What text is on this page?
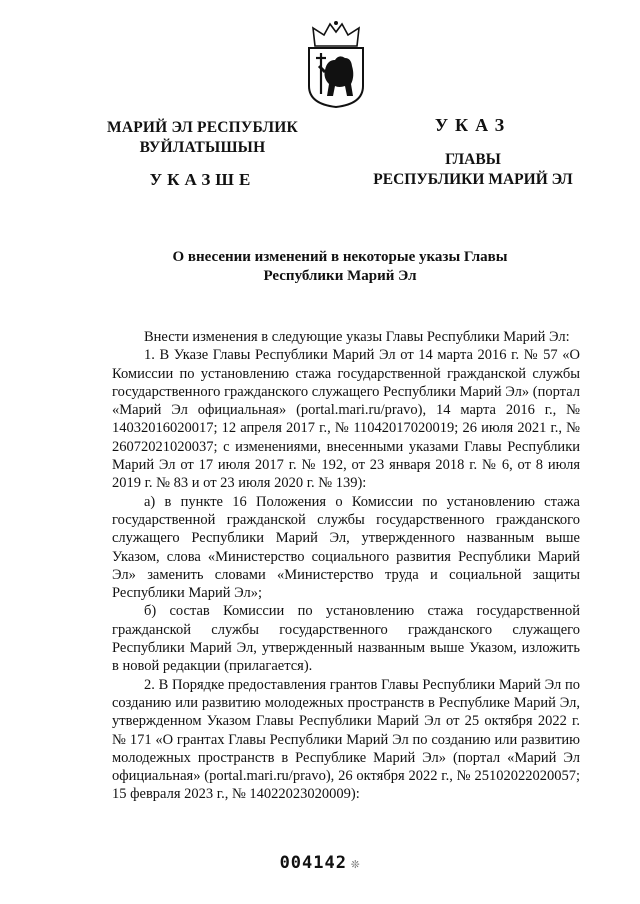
МАРИЙ ЭЛ РЕСПУБЛИК
ВУЙЛАТЫШЫН
УКАЗШЕ
УКАЗ
ГЛАВЫ
РЕСПУБЛИКИ МАРИЙ ЭЛ
О внесении изменений в некоторые указы Главы
Республики Марий Эл

Внести изменения в следующие указы Главы Республики Марий Эл:

1. В Указе Главы Республики Марий Эл от 14 марта 2016 г. № 57 «О Комиссии по установлению стажа государственной гражданской службы государственного гражданского служащего Республики Марий Эл» (портал «Марий Эл официальная» (portal.mari.ru/pravo), 14 марта 2016 г., № 14032016020017; 12 апреля 2017 г., № 11042017020019; 26 июля 2021 г., № 26072021020037; с изменениями, внесенными указами Главы Республики Марий Эл от 17 июля 2017 г. № 192, от 23 января 2018 г. № 6, от 8 июля 2019 г. № 83 и от 23 июля 2020 г. № 139):

а) в пункте 16 Положения о Комиссии по установлению стажа государственной гражданской службы государственного гражданского служащего Республики Марий Эл, утвержденного названным выше Указом, слова «Министерство социального развития Республики Марий Эл» заменить словами «Министерство труда и социальной защиты Республики Марий Эл»;

б) состав Комиссии по установлению стажа государственной гражданской службы государственного гражданского служащего Республики Марий Эл, утвержденный названным выше Указом, изложить в новой редакции (прилагается).

2. В Порядке предоставления грантов Главы Республики Марий Эл по созданию или развитию молодежных пространств в Республике Марий Эл, утвержденном Указом Главы Республики Марий Эл от 25 октября 2022 г. № 171 «О грантах Главы Республики Марий Эл по созданию или развитию молодежных пространств в Республике Марий Эл» (портал «Марий Эл официальная» (portal.mari.ru/pravo), 26 октября 2022 г., № 25102022020057; 15 февраля 2023 г., № 14022023020009):

004142 ❊
